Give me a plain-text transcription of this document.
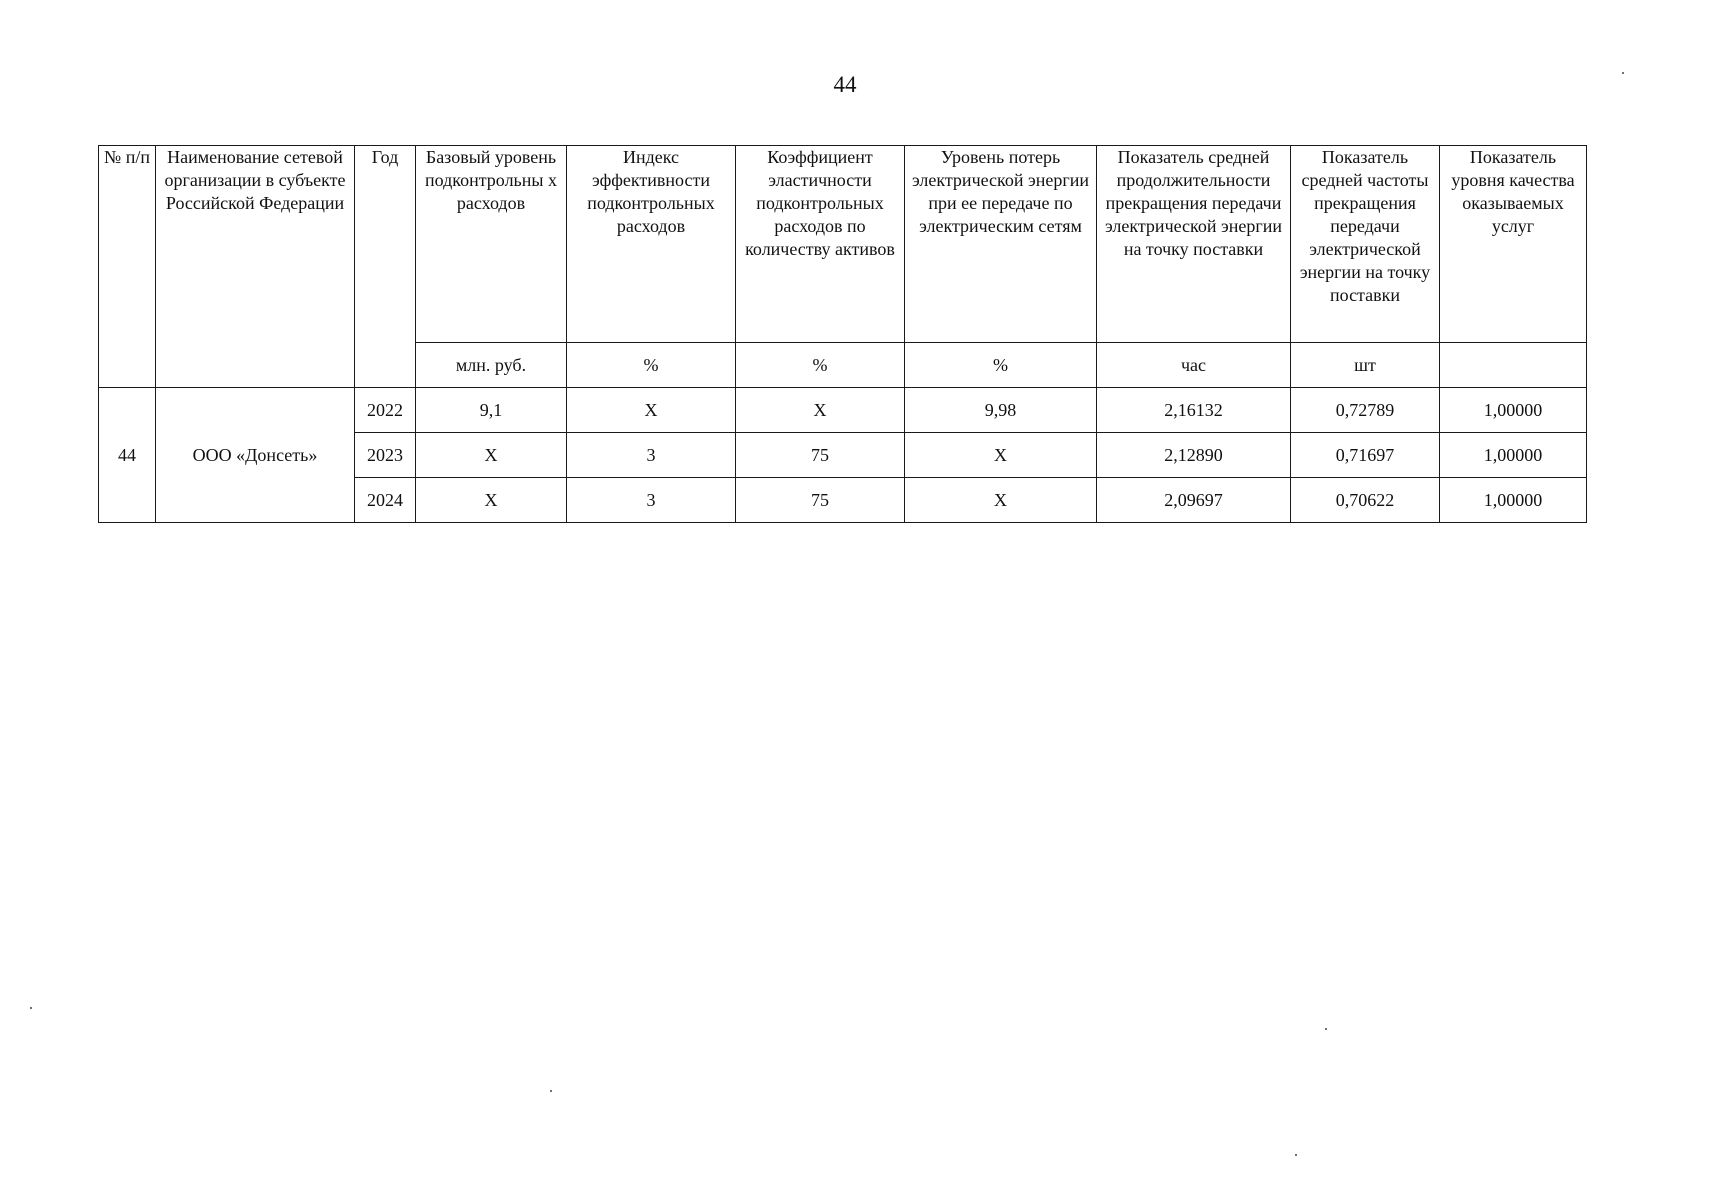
44
№ п/п	Наименование сетевой организации в субъекте Российской Федерации	Год	Базовый уровень подконтрольны х расходов	Индекс эффективности подконтрольных расходов	Коэффициент эластичности подконтрольных расходов по количеству активов	Уровень потерь электрической энергии при ее передаче по электрическим сетям	Показатель средней продолжительности прекращения передачи электрической энергии на точку поставки	Показатель средней частоты прекращения передачи электрической энергии на точку поставки	Показатель уровня качества оказываемых услуг
			млн. руб.	%	%	%	час	шт	
44	ООО «Донсеть»	2022	9,1	Х	Х	9,98	2,16132	0,72789	1,00000
		2023	Х	3	75	Х	2,12890	0,71697	1,00000
		2024	Х	3	75	Х	2,09697	0,70622	1,00000
